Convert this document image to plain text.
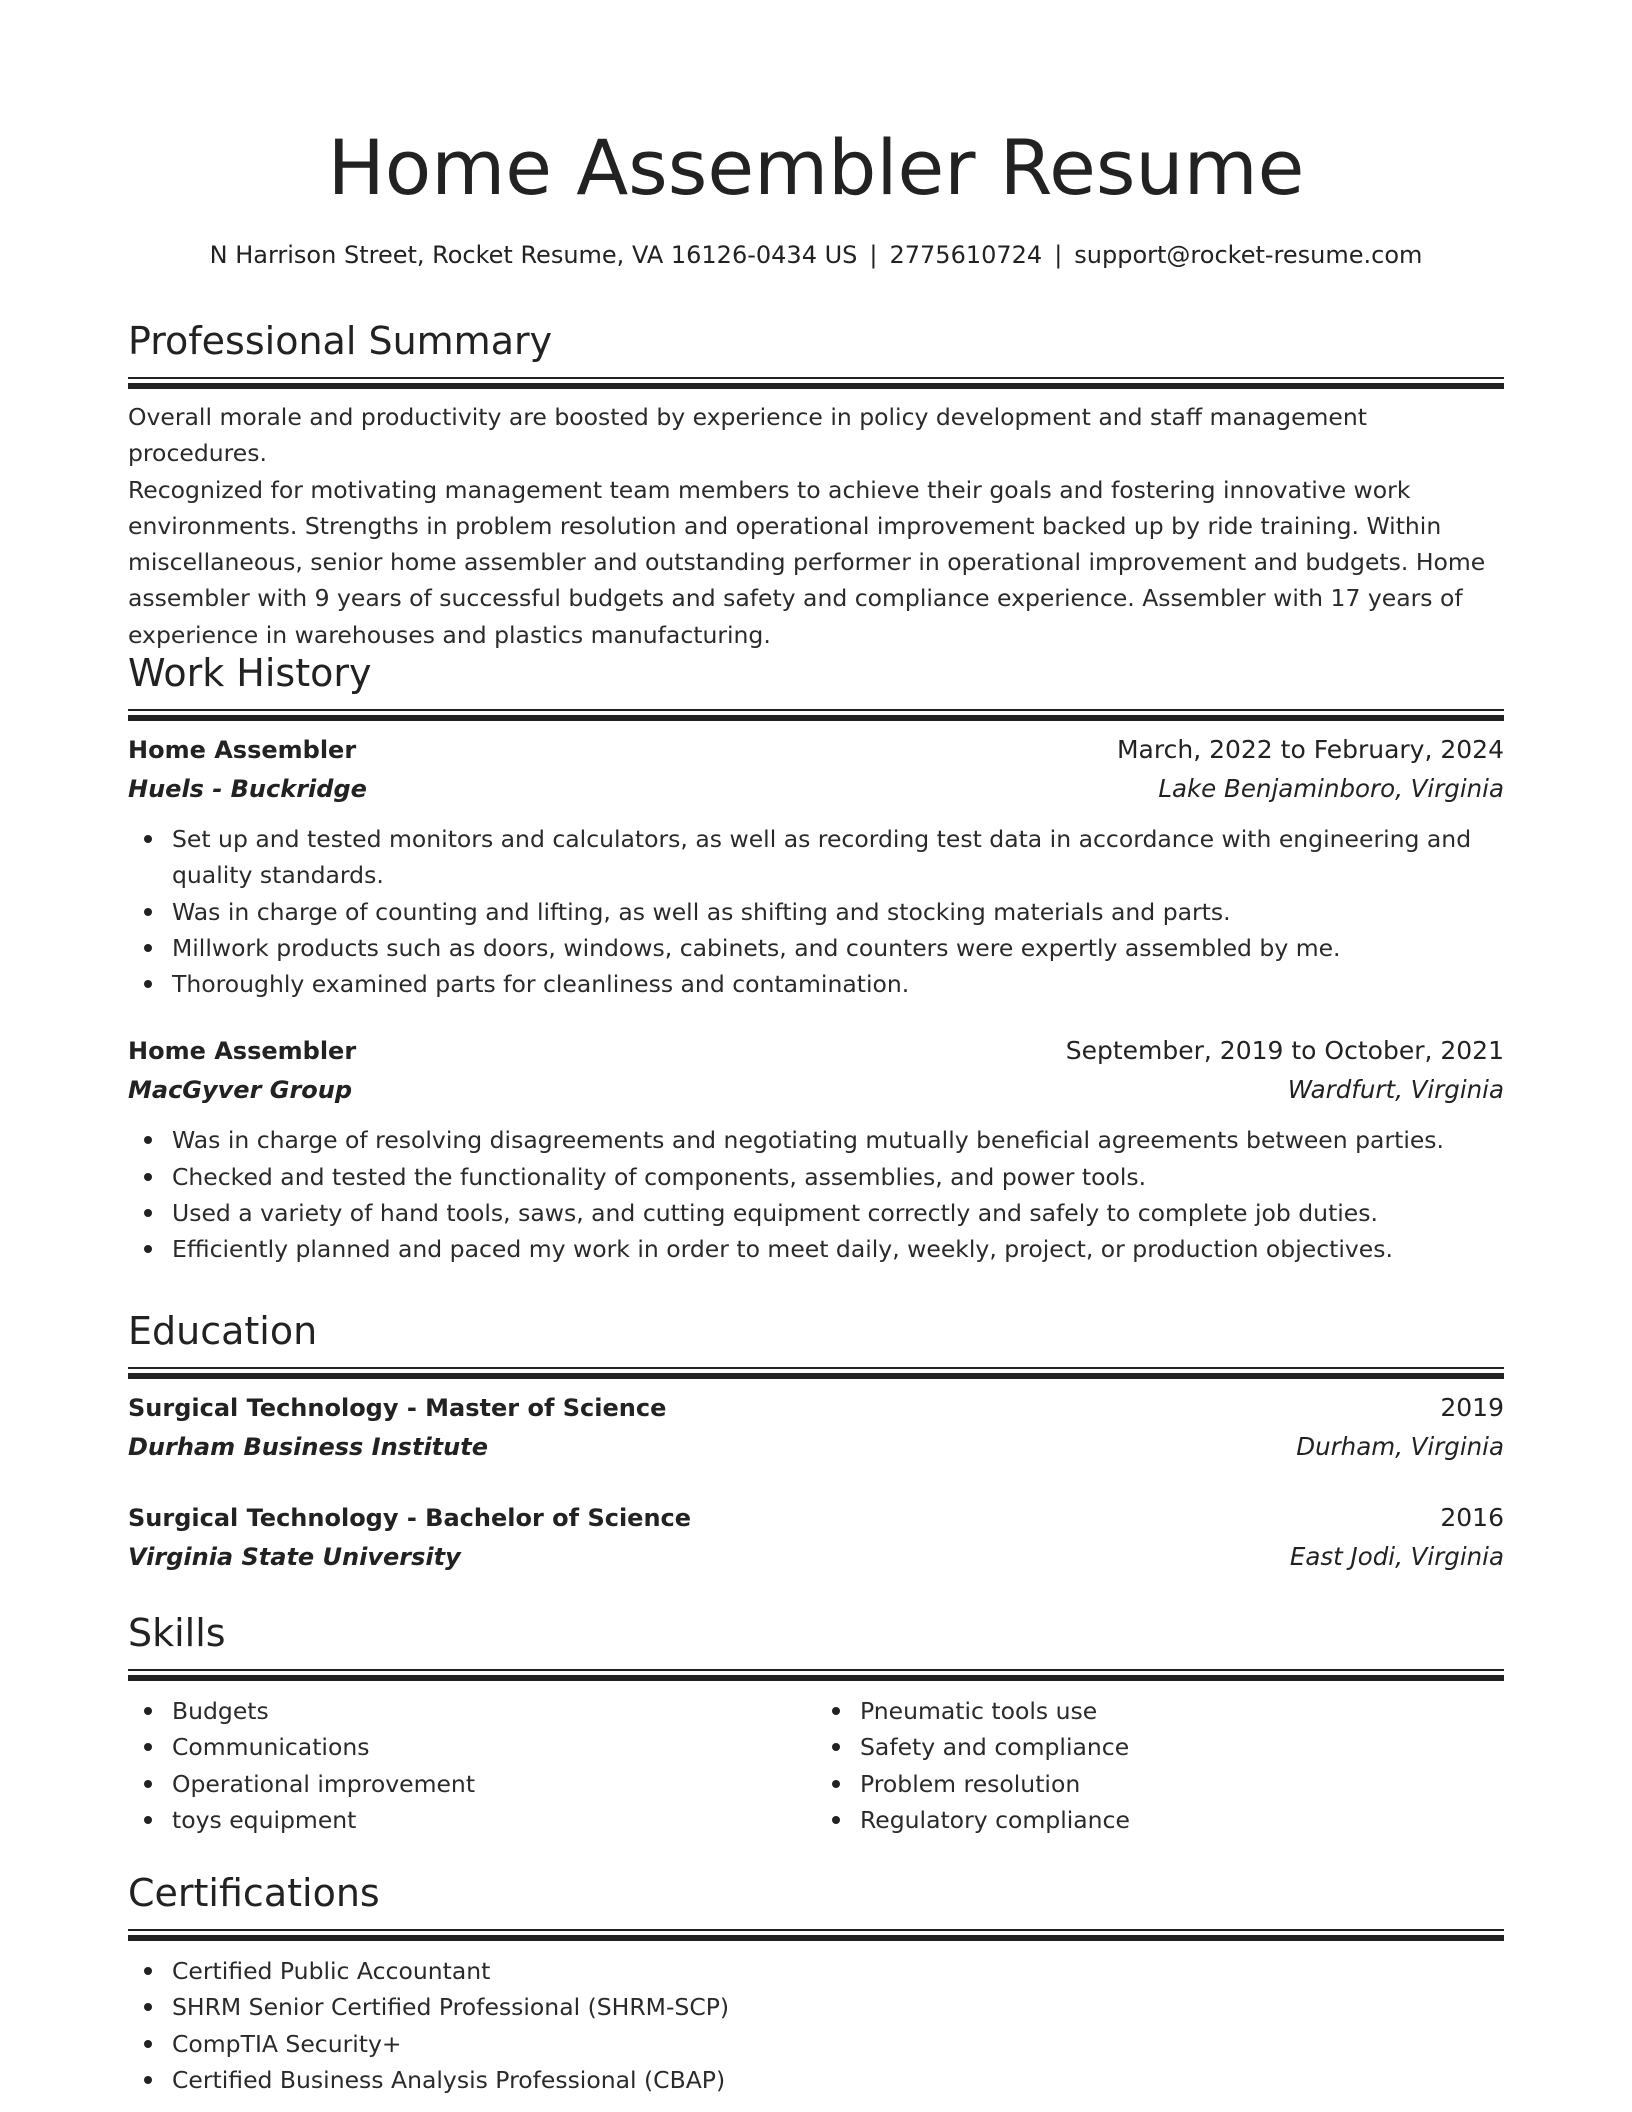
Home Assembler Resume
N Harrison Street, Rocket Resume, VA 16126-0434 US | 2775610724 | support@rocket-resume.com
Professional Summary
Overall morale and productivity are boosted by experience in policy development and staff management procedures.
Recognized for motivating management team members to achieve their goals and fostering innovative work
environments. Strengths in problem resolution and operational improvement backed up by ride training. Within
miscellaneous, senior home assembler and outstanding performer in operational improvement and budgets. Home
assembler with 9 years of successful budgets and safety and compliance experience. Assembler with 17 years of
experience in warehouses and plastics manufacturing.
Work History
Home Assembler	March, 2022 to February, 2024
Huels - Buckridge	Lake Benjaminboro, Virginia
Set up and tested monitors and calculators, as well as recording test data in accordance with engineering and
quality standards.
Was in charge of counting and lifting, as well as shifting and stocking materials and parts.
Millwork products such as doors, windows, cabinets, and counters were expertly assembled by me.
Thoroughly examined parts for cleanliness and contamination.
Home Assembler	September, 2019 to October, 2021
MacGyver Group	Wardfurt, Virginia
Was in charge of resolving disagreements and negotiating mutually beneficial agreements between parties.
Checked and tested the functionality of components, assemblies, and power tools.
Used a variety of hand tools, saws, and cutting equipment correctly and safely to complete job duties.
Efficiently planned and paced my work in order to meet daily, weekly, project, or production objectives.
Education
Surgical Technology - Master of Science	2019
Durham Business Institute	Durham, Virginia
Surgical Technology - Bachelor of Science	2016
Virginia State University	East Jodi, Virginia
Skills
Budgets
Communications
Operational improvement
toys equipment
Pneumatic tools use
Safety and compliance
Problem resolution
Regulatory compliance
Certifications
Certified Public Accountant
SHRM Senior Certified Professional (SHRM-SCP)
CompTIA Security+
Certified Business Analysis Professional (CBAP)
